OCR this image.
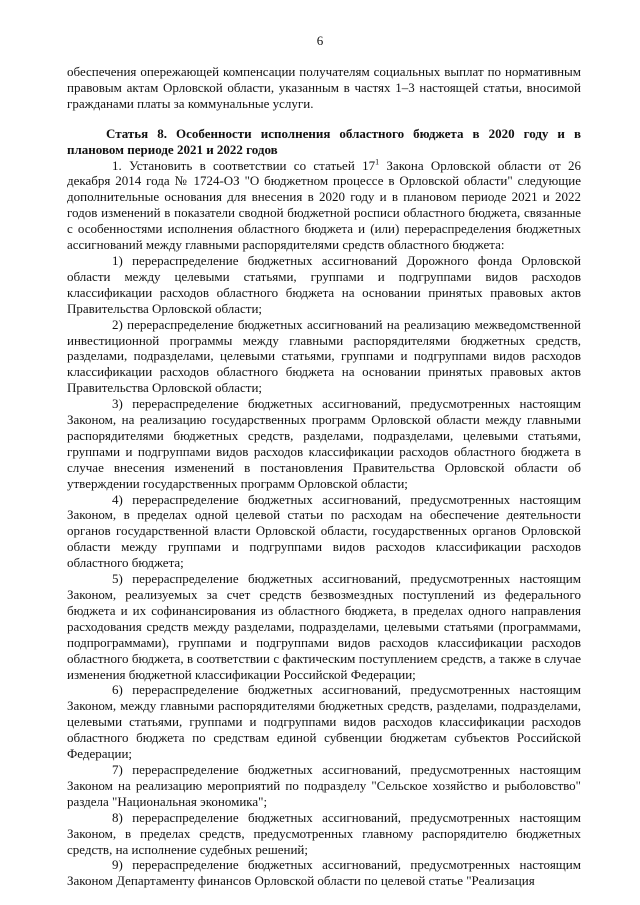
6

обеспечения опережающей компенсации получателям социальных выплат по нормативным правовым актам Орловской области, указанным в частях 1–3 настоящей статьи, вносимой гражданами платы за коммунальные услуги.

Статья 8. Особенности исполнения областного бюджета в 2020 году и в плановом периоде 2021 и 2022 годов

1. Установить в соответствии со статьей $17^1$ Закона Орловской области от 26 декабря 2014 года № 1724-ОЗ "О бюджетном процессе в Орловской области" следующие дополнительные основания для внесения в 2020 году и в плановом периоде 2021 и 2022 годов изменений в показатели сводной бюджетной росписи областного бюджета, связанные с особенностями исполнения областного бюджета и (или) перераспределения бюджетных ассигнований между главными распорядителями средств областного бюджета:

1) перераспределение бюджетных ассигнований Дорожного фонда Орловской области между целевыми статьями, группами и подгруппами видов расходов классификации расходов областного бюджета на основании принятых правовых актов Правительства Орловской области;

2) перераспределение бюджетных ассигнований на реализацию межведомственной инвестиционной программы между главными распорядителями бюджетных средств, разделами, подразделами, целевыми статьями, группами и подгруппами видов расходов классификации расходов областного бюджета на основании принятых правовых актов Правительства Орловской области;

3) перераспределение бюджетных ассигнований, предусмотренных настоящим Законом, на реализацию государственных программ Орловской области между главными распорядителями бюджетных средств, разделами, подразделами, целевыми статьями, группами и подгруппами видов расходов классификации расходов областного бюджета в случае внесения изменений в постановления Правительства Орловской области об утверждении государственных программ Орловской области;

4) перераспределение бюджетных ассигнований, предусмотренных настоящим Законом, в пределах одной целевой статьи по расходам на обеспечение деятельности органов государственной власти Орловской области, государственных органов Орловской области между группами и подгруппами видов расходов классификации расходов областного бюджета;

5) перераспределение бюджетных ассигнований, предусмотренных настоящим Законом, реализуемых за счет средств безвозмездных поступлений из федерального бюджета и их софинансирования из областного бюджета, в пределах одного направления расходования средств между разделами, подразделами, целевыми статьями (программами, подпрограммами), группами и подгруппами видов расходов классификации расходов областного бюджета, в соответствии с фактическим поступлением средств, а также в случае изменения бюджетной классификации Российской Федерации;

6) перераспределение бюджетных ассигнований, предусмотренных настоящим Законом, между главными распорядителями бюджетных средств, разделами, подразделами, целевыми статьями, группами и подгруппами видов расходов классификации расходов областного бюджета по средствам единой субвенции бюджетам субъектов Российской Федерации;

7) перераспределение бюджетных ассигнований, предусмотренных настоящим Законом на реализацию мероприятий по подразделу "Сельское хозяйство и рыболовство" раздела "Национальная экономика";

8) перераспределение бюджетных ассигнований, предусмотренных настоящим Законом, в пределах средств, предусмотренных главному распорядителю бюджетных средств, на исполнение судебных решений;

9) перераспределение бюджетных ассигнований, предусмотренных настоящим Законом Департаменту финансов Орловской области по целевой статье "Реализация
